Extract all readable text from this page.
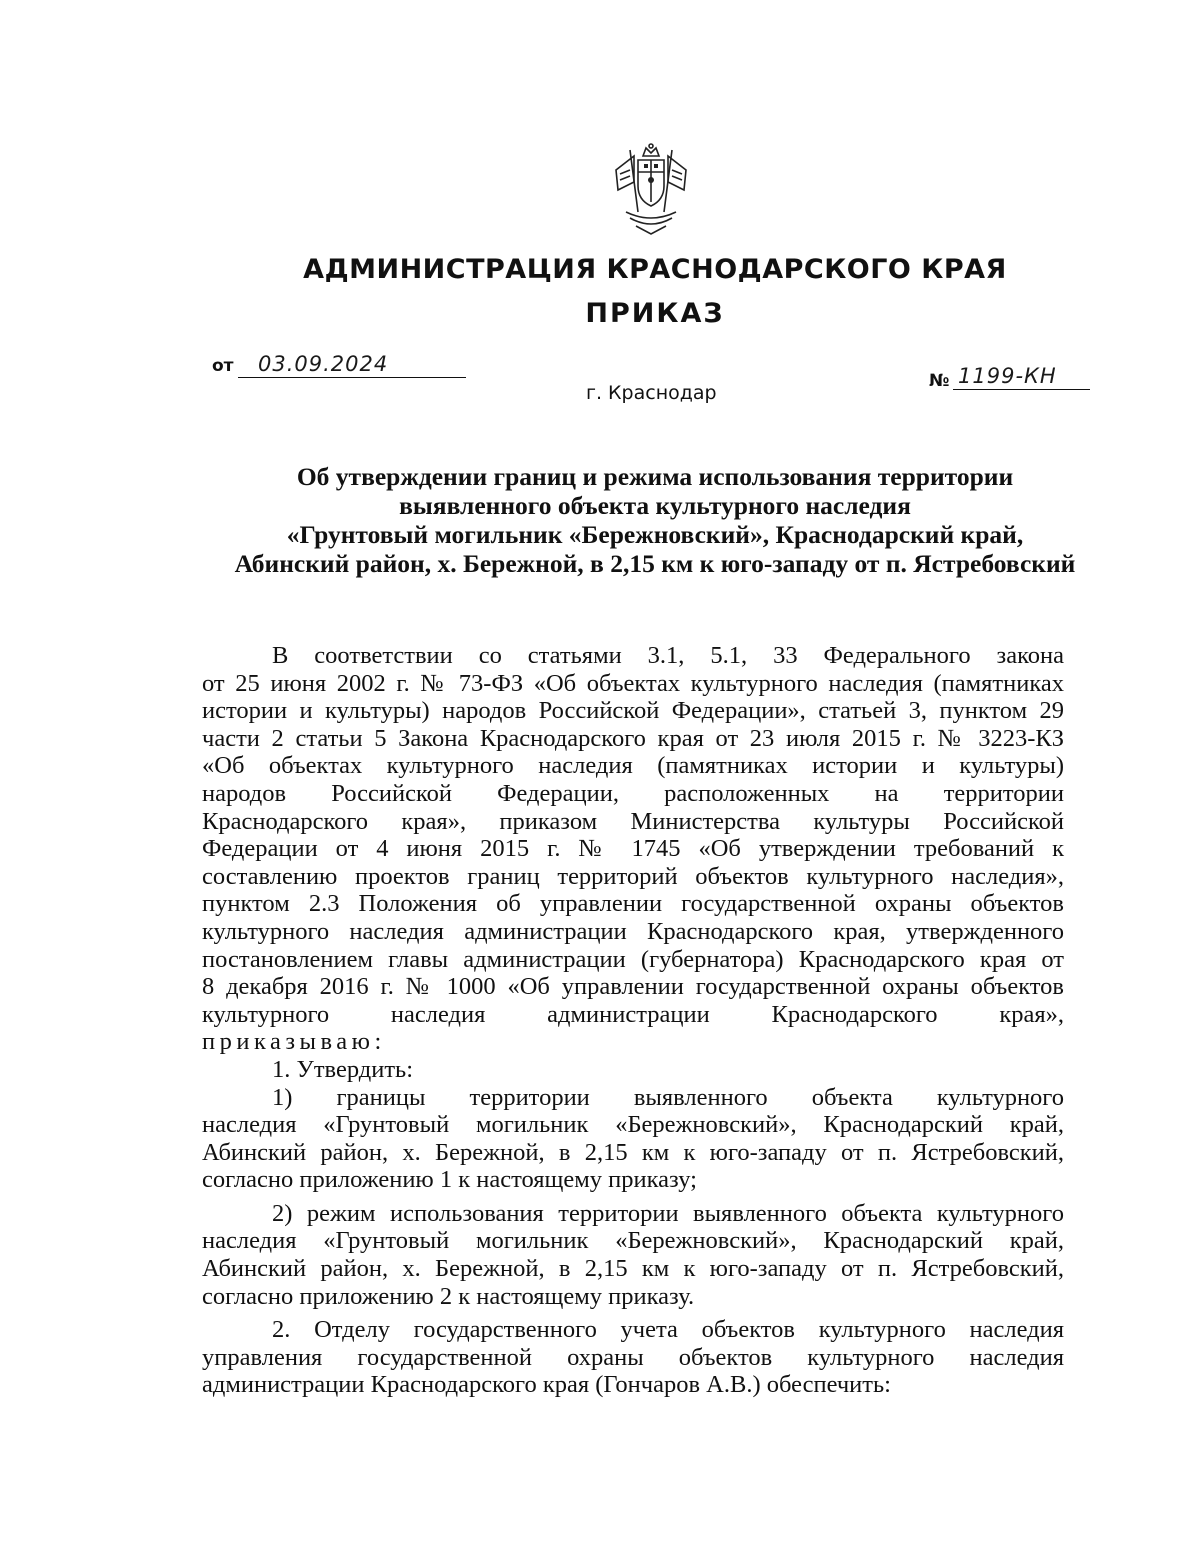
АДМИНИСТРАЦИЯ КРАСНОДАРСКОГО КРАЯ
ПРИКАЗ
от 03.09.2024
г. Краснодар
№ 1199-КН
Об утверждении границ и режима использования территории
выявленного объекта культурного наследия
«Грунтовый могильник «Бережновский», Краснодарский край,
Абинский район, х. Бережной, в 2,15 км к юго-западу от п. Ястребовский

В соответствии со статьями 3.1, 5.1, 33 Федерального закона

от 25 июня 2002 г. № 73-ФЗ «Об объектах культурного наследия (памятниках

истории и культуры) народов Российской Федерации», статьей 3, пунктом 29

части 2 статьи 5 Закона Краснодарского края от 23 июля 2015 г. № 3223-КЗ

«Об объектах культурного наследия (памятниках истории и культуры)

народов Российской Федерации, расположенных на территории

Краснодарского края», приказом Министерства культуры Российской

Федерации от 4 июня 2015 г. № 1745 «Об утверждении требований к

составлению проектов границ территорий объектов культурного наследия»,

пунктом 2.3 Положения об управлении государственной охраны объектов

культурного наследия администрации Краснодарского края, утвержденного

постановлением главы администрации (губернатора) Краснодарского края от

8 декабря 2016 г. № 1000 «Об управлении государственной охраны объектов

культурного наследия администрации Краснодарского края»,

приказываю:

1. Утвердить:

1) границы территории выявленного объекта культурного

наследия «Грунтовый могильник «Бережновский», Краснодарский край,

Абинский район, х. Бережной, в 2,15 км к юго-западу от п. Ястребовский,

согласно приложению 1 к настоящему приказу;

2) режим использования территории выявленного объекта культурного

наследия «Грунтовый могильник «Бережновский», Краснодарский край,

Абинский район, х. Бережной, в 2,15 км к юго-западу от п. Ястребовский,

согласно приложению 2 к настоящему приказу.

2. Отделу государственного учета объектов культурного наследия

управления государственной охраны объектов культурного наследия

администрации Краснодарского края (Гончаров А.В.) обеспечить:
